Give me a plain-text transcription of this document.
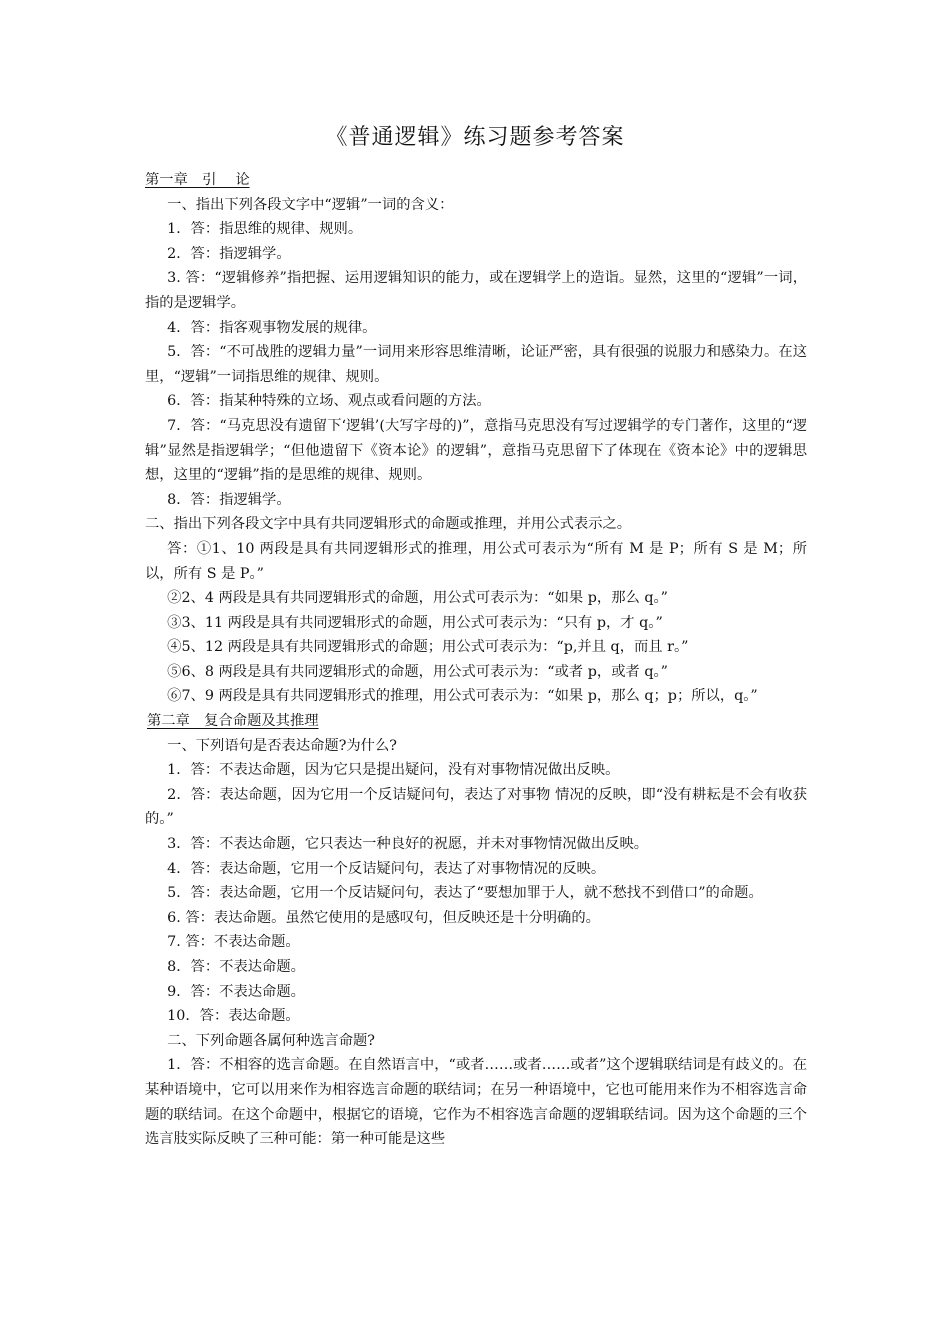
《普通逻辑》练习题参考答案

第一章　引　 论

一、指出下列各段文字中“逻辑”一词的含义：

1．答：指思维的规律、规则。

2．答：指逻辑学。

3. 答：“逻辑修养”指把握、运用逻辑知识的能力，或在逻辑学上的造诣。显然，这里的“逻辑”一词，指的是逻辑学。

4．答：指客观事物发展的规律。

5．答：“不可战胜的逻辑力量”一词用来形容思维清晰，论证严密，具有很强的说服力和感染力。在这里，“逻辑”一词指思维的规律、规则。

6．答：指某种特殊的立场、观点或看问题的方法。

7．答：“马克思没有遗留下‘逻辑’(大写字母的)”，意指马克思没有写过逻辑学的专门著作，这里的“逻辑”显然是指逻辑学；“但他遗留下《资本论》的逻辑”，意指马克思留下了体现在《资本论》中的逻辑思想，这里的“逻辑”指的是思维的规律、规则。

8．答：指逻辑学。

二、指出下列各段文字中具有共同逻辑形式的命题或推理，并用公式表示之。

答：①1、10 两段是具有共同逻辑形式的推理，用公式可表示为“所有 M 是 P；所有 S 是 M；所以，所有 S 是 P。”

②2、4 两段是具有共同逻辑形式的命题，用公式可表示为：“如果 p，那么 q。”

③3、11 两段是具有共同逻辑形式的命题，用公式可表示为：“只有 p，才 q。”

④5、12 两段是具有共同逻辑形式的命题；用公式可表示为：“p,并且 q，而且 r。”

⑤6、8 两段是具有共同逻辑形式的命题，用公式可表示为：“或者 p，或者 q。”

⑥7、9 两段是具有共同逻辑形式的推理，用公式可表示为：“如果 p，那么 q；p；所以，q。”

第二章　复合命题及其推理

一、下列语句是否表达命题?为什么?

1．答：不表达命题，因为它只是提出疑问，没有对事物情况做出反映。

2．答：表达命题，因为它用一个反诘疑问句，表达了对事物 情况的反映，即“没有耕耘是不会有收获的。”

3．答：不表达命题，它只表达一种良好的祝愿，并未对事物情况做出反映。

4．答：表达命题，它用一个反诘疑问句，表达了对事物情况的反映。

5．答：表达命题，它用一个反诘疑问句，表达了“要想加罪于人，就不愁找不到借口”的命题。

6. 答：表达命题。虽然它使用的是感叹句，但反映还是十分明确的。

7. 答：不表达命题。

8．答：不表达命题。

9．答：不表达命题。

10．答：表达命题。

二、下列命题各属何种选言命题?

1．答：不相容的选言命题。在自然语言中，“或者……或者……或者”这个逻辑联结词是有歧义的。在某种语境中，它可以用来作为相容选言命题的联结词；在另一种语境中，它也可能用来作为不相容选言命题的联结词。在这个命题中，根据它的语境，它作为不相容选言命题的逻辑联结词。因为这个命题的三个选言肢实际反映了三种可能：第一种可能是这些
